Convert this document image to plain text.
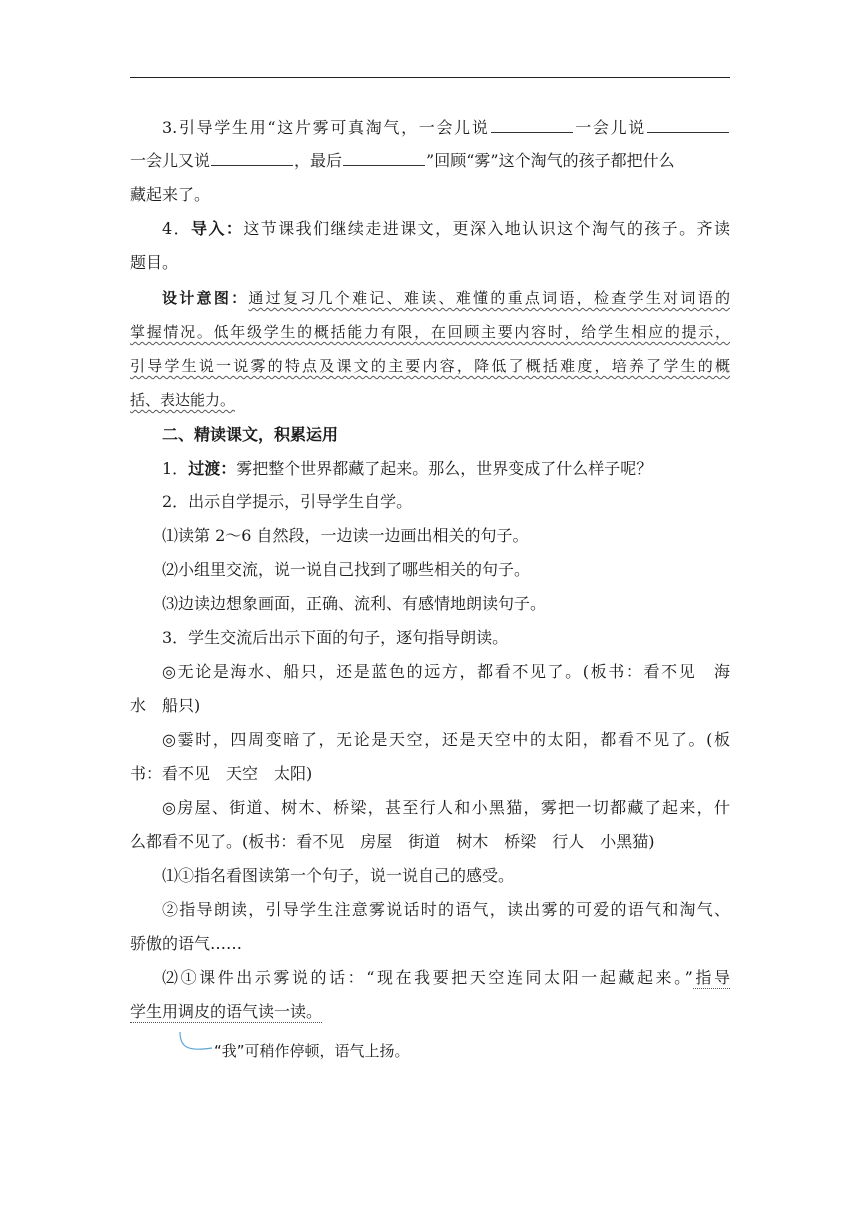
3.引导学生用“这片雾可真淘气，一会儿说	一会儿说
一会儿又说	，最后	”回顾“雾”这个淘气的孩子都把什么
藏起来了。
4．导入：这节课我们继续走进课文，更深入地认识这个淘气的孩子。齐读
题目。
设计意图：通过复习几个难记、难读、难懂的重点词语，检查学生对词语的
掌握情况。低年级学生的概括能力有限，在回顾主要内容时，给学生相应的提示，
引导学生说一说雾的特点及课文的主要内容，降低了概括难度，培养了学生的概
括、表达能力。
二、精读课文，积累运用
1．过渡：雾把整个世界都藏了起来。那么，世界变成了什么样子呢？
2．出示自学提示，引导学生自学。
⑴读第 2～6 自然段，一边读一边画出相关的句子。
⑵小组里交流，说一说自己找到了哪些相关的句子。
⑶边读边想象画面，正确、流利、有感情地朗读句子。
3．学生交流后出示下面的句子，逐句指导朗读。
◎无论是海水、船只，还是蓝色的远方，都看不见了。(板书：看不见　海
水　船只)
◎霎时，四周变暗了，无论是天空，还是天空中的太阳，都看不见了。(板
书：看不见　天空　太阳)
◎房屋、街道、树木、桥梁，甚至行人和小黑猫，雾把一切都藏了起来，什
么都看不见了。(板书：看不见　房屋　街道　树木　桥梁　行人　小黑猫)
⑴①指名看图读第一个句子，说一说自己的感受。
②指导朗读，引导学生注意雾说话时的语气，读出雾的可爱的语气和淘气、
骄傲的语气……
⑵①课件出示雾说的话：“现在我要把天空连同太阳一起藏起来。”指导
学生用调皮的语气读一读。
“我”可稍作停顿，语气上扬。
